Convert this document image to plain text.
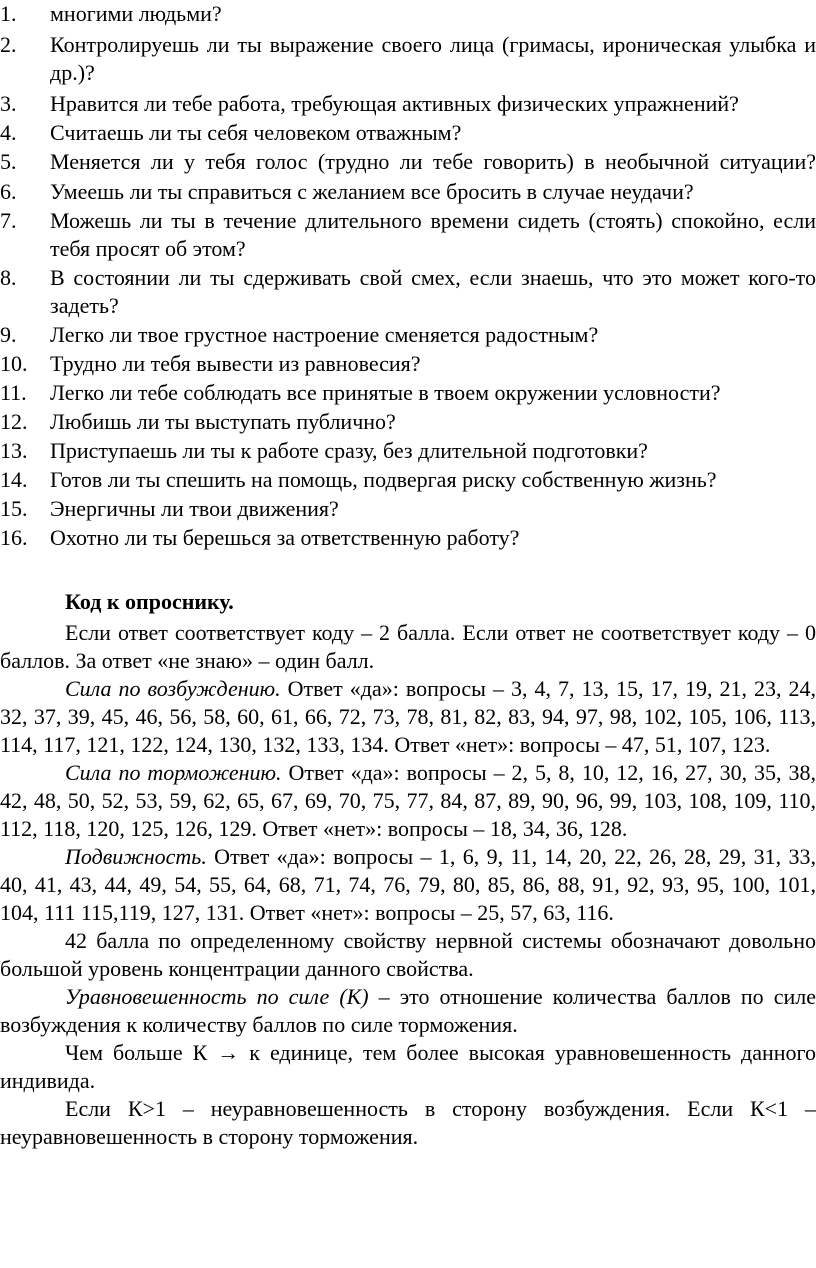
1.	многими людьми?
2.	Контролируешь ли ты выражение своего лица (гримасы, ироническая улыбка и др.)?
3.	Нравится ли тебе работа, требующая активных физических упражнений?
4.	Считаешь ли ты себя человеком отважным?
5.	Меняется ли у тебя голос (трудно ли тебе говорить) в необычной ситуации?
6.	Умеешь ли ты справиться с желанием все бросить в случае неудачи?
7.	Можешь ли ты в течение длительного времени сидеть (стоять) спокойно, если тебя просят об этом?
8.	В состоянии ли ты сдерживать свой смех, если знаешь, что это может кого-то задеть?
9.	Легко ли твое грустное настроение сменяется радостным?
10.	Трудно ли тебя вывести из равновесия?
11.	Легко ли тебе соблюдать все принятые в твоем окружении условности?
12.	Любишь ли ты выступать публично?
13.	Приступаешь ли ты к работе сразу, без длительной подготовки?
14.	Готов ли ты спешить на помощь, подвергая риску собственную жизнь?
15.	Энергичны ли твои движения?
16.	Охотно ли ты берешься за ответственную работу?
Код к опроснику.

Если ответ соответствует коду – 2 балла. Если ответ не соответствует коду – 0 баллов. За ответ «не знаю» – один балл.

Сила по возбуждению. Ответ «да»: вопросы – 3, 4, 7, 13, 15, 17, 19, 21, 23, 24, 32, 37, 39, 45, 46, 56, 58, 60, 61, 66, 72, 73, 78, 81, 82, 83, 94, 97, 98, 102, 105, 106, 113, 114, 117, 121, 122, 124, 130, 132, 133, 134. Ответ «нет»: вопросы – 47, 51, 107, 123.

Сила по торможению. Ответ «да»: вопросы – 2, 5, 8, 10, 12, 16, 27, 30, 35, 38, 42, 48, 50, 52, 53, 59, 62, 65, 67, 69, 70, 75, 77, 84, 87, 89, 90, 96, 99, 103, 108, 109, 110, 112, 118, 120, 125, 126, 129. Ответ «нет»: вопросы – 18, 34, 36, 128.

Подвижность. Ответ «да»: вопросы – 1, 6, 9, 11, 14, 20, 22, 26, 28, 29, 31, 33, 40, 41, 43, 44, 49, 54, 55, 64, 68, 71, 74, 76, 79, 80, 85, 86, 88, 91, 92, 93, 95, 100, 101, 104, 111 115,119, 127, 131. Ответ «нет»: вопросы – 25, 57, 63, 116.

42 балла по определенному свойству нервной системы обозначают довольно большой уровень концентрации данного свойства.

Уравновешенность по силе (К) – это отношение количества баллов по силе возбуждения к количеству баллов по силе торможения.

Чем больше К → к единице, тем более высокая уравновешенность данного индивида.

Если К>1 – неуравновешенность в сторону возбуждения. Если К<1 – неуравновешенность в сторону торможения.
